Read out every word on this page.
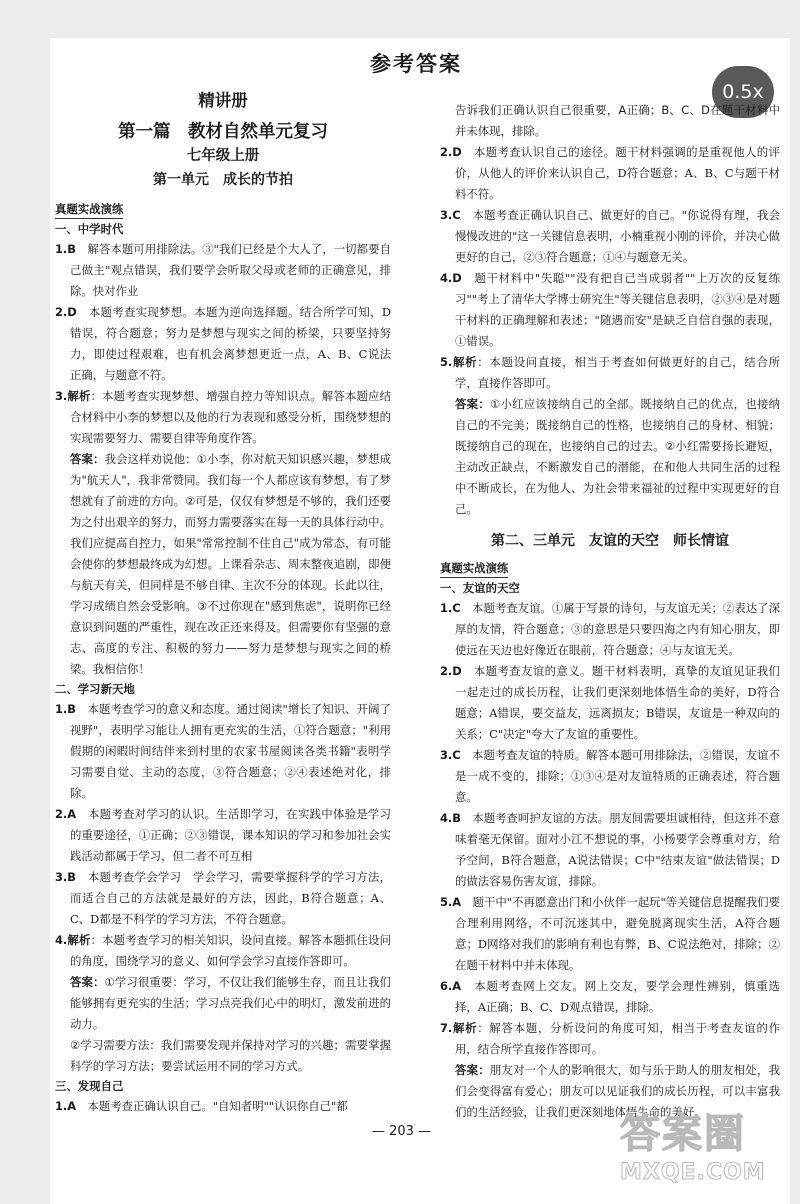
参考答案
0.5x
精讲册
第一篇　教材自然单元复习
七年级上册
第一单元　成长的节拍
真题实战演练
一、中学时代
1.B　 解答本题可用排除法。③"我们已经是个大人了，一切都要自己做主"观点错误，我们要学会听取父母或老师的正确意见，排除。快对作业
2.D　 本题考查实现梦想。本题为逆向选择题。结合所学可知，D错误，符合题意；努力是梦想与现实之间的桥梁，只要坚持努力，即使过程艰难，也有机会离梦想更近一点，A、B、C说法正确，与题意不符。
3.解析：本题考查实现梦想、增强自控力等知识点。解答本题应结合材料中小李的梦想以及他的行为表现和感受分析，围绕梦想的实现需要努力、需要自律等角度作答。
答案：我会这样劝说他：①小李，你对航天知识感兴趣，梦想成为"航天人"，我非常赞同。我们每一个人都应该有梦想，有了梦想就有了前进的方向。②可是，仅仅有梦想是不够的，我们还要为之付出艰辛的努力，而努力需要落实在每一天的具体行动中。我们应提高自控力，如果"常常控制不住自己"成为常态，有可能会使你的梦想最终成为幻想。上课看杂志、周末整夜追剧，即便与航天有关，但同样是不够自律、主次不分的体现。长此以往，学习成绩自然会受影响。③不过你现在"感到焦虑"，说明你已经意识到问题的严重性，现在改正还来得及。但需要你有坚强的意志、高度的专注、积极的努力——努力是梦想与现实之间的桥梁。我相信你！
二、学习新天地
1.B　 本题考查学习的意义和态度。通过阅读"增长了知识、开阔了视野"，表明学习能让人拥有更充实的生活，①符合题意；"利用假期的闲暇时间结伴来到村里的农家书屋阅读各类书籍"表明学习需要自觉、主动的态度，③符合题意；②④表述绝对化，排除。
2.A　 本题考查对学习的认识。生活即学习，在实践中体验是学习的重要途径，①正确；②③错误，课本知识的学习和参加社会实践活动都属于学习，但二者不可互相
3.B　 本题考查学会学习　学会学习，需要掌握科学的学习方法，而适合自己的方法就是最好的方法，因此，B符合题意；A、C、D都是不科学的学习方法，不符合题意。
4.解析：本题考查学习的相关知识，设问直接。解答本题抓住设问的角度，围绕学习的意义、如何学会学习直接作答即可。
答案：①学习很重要：学习，不仅让我们能够生存，而且让我们能够拥有更充实的生活；学习点亮我们心中的明灯，激发前进的动力。
②学习需要方法：我们需要发现并保持对学习的兴趣；需要掌握科学的学习方法；要尝试运用不同的学习方式。
三、发现自己
1.A　 本题考查正确认识自己。"自知者明""认识你自己"都
告诉我们正确认识自己很重要，A正确；B、C、D在题干材料中并未体现，排除。
2.D　 本题考查认识自己的途径。题干材料强调的是重视他人的评价，从他人的评价来认识自己，D符合题意；A、B、C与题干材料不符。
3.C　 本题考查正确认识自己、做更好的自己。"你说得有理，我会慢慢改进的"这一关键信息表明，小楠重视小刚的评价，并决心做更好的自己，②③符合题意；①④与题意无关。
4.D　 题干材料中"失聪""没有把自己当成弱者""上万次的反复练习""考上了清华大学博士研究生"等关键信息表明，②③④是对题干材料的正确理解和表述；"随遇而安"是缺乏自信自强的表现，①错误。
5.解析：本题设问直接，相当于考查如何做更好的自己，结合所学，直接作答即可。
答案：①小红应该接纳自己的全部。既接纳自己的优点，也接纳自己的不完美；既接纳自己的性格，也接纳自己的身材、相貌；既接纳自己的现在，也接纳自己的过去。②小红需要扬长避短，主动改正缺点，不断激发自己的潜能，在和他人共同生活的过程中不断成长，在为他人、为社会带来福祉的过程中实现更好的自己。
第二、三单元　友谊的天空　师长情谊
真题实战演练
一、友谊的天空
1.C　 本题考查友谊。①属于写景的诗句，与友谊无关；②表达了深厚的友情，符合题意；③的意思是只要四海之内有知心朋友，即使远在天边也好像近在眼前，符合题意；④与友谊无关。
2.D　 本题考查友谊的意义。题干材料表明，真挚的友谊见证我们一起走过的成长历程，让我们更深刻地体悟生命的美好，D符合题意；A错误，要交益友，远离损友；B错误，友谊是一种双向的关系；C"决定"夸大了友谊的重要性。
3.C　 本题考查友谊的特质。解答本题可用排除法，②错误，友谊不是一成不变的，排除；①③④是对友谊特质的正确表述，符合题意。
4.B　 本题考查呵护友谊的方法。朋友间需要坦诚相待，但这并不意味着毫无保留。面对小江不想说的事，小杨要学会尊重对方，给予空间，B符合题意，A说法错误；C中"结束友谊"做法错误；D的做法容易伤害友谊，排除。
5.A　 题干中"不再愿意出门和小伙伴一起玩"等关键信息提醒我们要合理利用网络，不可沉迷其中，避免脱离现实生活，A符合题意；D网络对我们的影响有利也有弊，B、C说法绝对，排除；②在题干材料中并未体现。
6.A　 本题考查网上交友。网上交友，要学会理性辨别，慎重选择，A正确；B、C、D观点错误，排除。
7.解析：解答本题，分析设问的角度可知，相当于考查友谊的作用，结合所学直接作答即可。
答案：朋友对一个人的影响很大，如与乐于助人的朋友相处，我们会变得富有爱心；朋友可以见证我们的成长历程，可以丰富我们的生活经验，让我们更深刻地体悟生命的美好。
— 203 —	答案圈
MXQE.COM
